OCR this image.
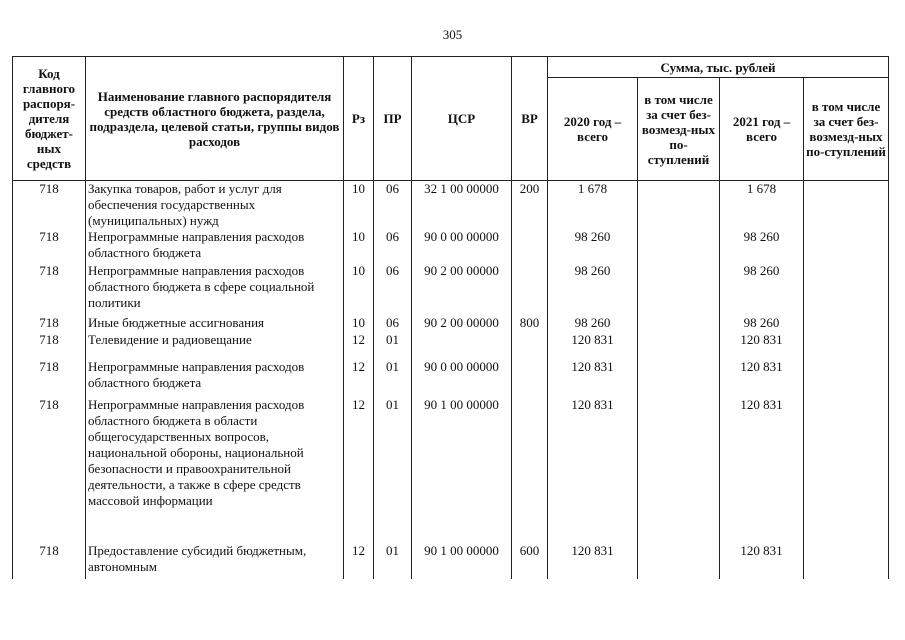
305
Код главного распоря-дителя бюджет-ных средств	Наименование главного распорядителя средств областного бюджета, раздела, подраздела, целевой статьи, группы видов расходов	Рз	ПР	ЦСР	ВР	Сумма, тыс. рублей			
						2020 год – всего	в том числе за счет без-возмезд-ных по-ступлений	2021 год – всего	в том числе за счет без-возмезд-ных по-ступлений
718	Закупка товаров, работ и услуг для обеспечения государственных (муниципальных) нужд	10	06	32 1 00 00000	200	1 678		1 678	
718	Непрограммные направления расходов областного бюджета	10	06	90 0 00 00000		98 260		98 260	
718	Непрограммные направления расходов областного бюджета в сфере социальной политики	10	06	90 2 00 00000		98 260		98 260	
718	Иные бюджетные ассигнования	10	06	90 2 00 00000	800	98 260		98 260	
718	Телевидение и радиовещание	12	01			120 831		120 831	
718	Непрограммные направления расходов областного бюджета	12	01	90 0 00 00000		120 831		120 831	
718	Непрограммные направления расходов областного бюджета в области общегосударственных вопросов, национальной обороны, национальной безопасности и правоохранительной деятельности, а также в сфере средств массовой информации	12	01	90 1 00 00000		120 831		120 831	
718	Предоставление субсидий бюджетным, автономным	12	01	90 1 00 00000	600	120 831		120 831	
